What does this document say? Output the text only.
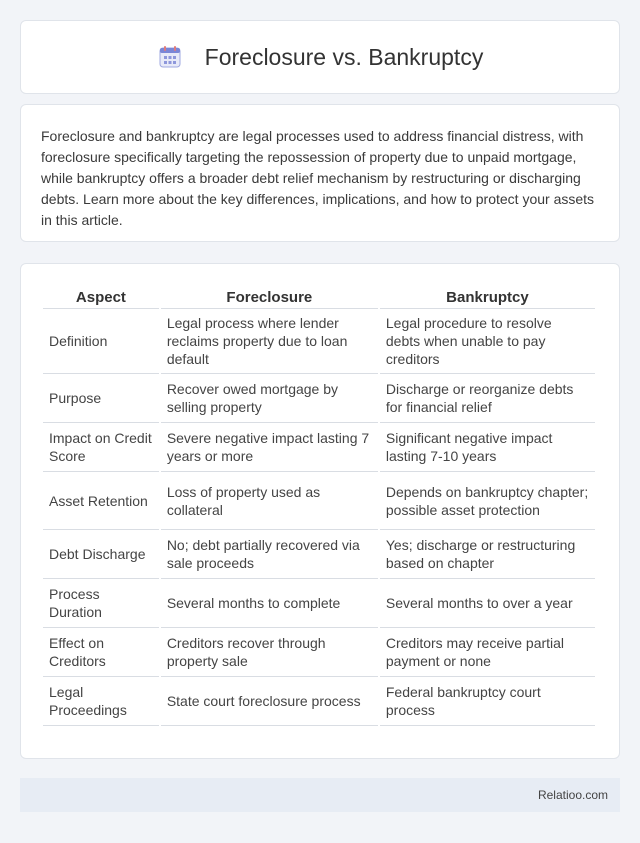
Foreclosure vs. Bankruptcy

Foreclosure and bankruptcy are legal processes used to address financial distress, with foreclosure specifically targeting the repossession of property due to unpaid mortgage, while bankruptcy offers a broader debt relief mechanism by restructuring or discharging debts. Learn more about the key differences, implications, and how to protect your assets in this article.

Aspect	Foreclosure	Bankruptcy
Definition	Legal process where lender reclaims property due to loan default	Legal procedure to resolve debts when unable to pay creditors
Purpose	Recover owed mortgage by selling property	Discharge or reorganize debts for financial relief
Impact on Credit Score	Severe negative impact lasting 7 years or more	Significant negative impact lasting 7-10 years
Asset Retention	Loss of property used as collateral	Depends on bankruptcy chapter; possible asset protection
Debt Discharge	No; debt partially recovered via sale proceeds	Yes; discharge or restructuring based on chapter
Process Duration	Several months to complete	Several months to over a year
Effect on Creditors	Creditors recover through property sale	Creditors may receive partial payment or none
Legal Proceedings	State court foreclosure process	Federal bankruptcy court process
Relatioo.com
